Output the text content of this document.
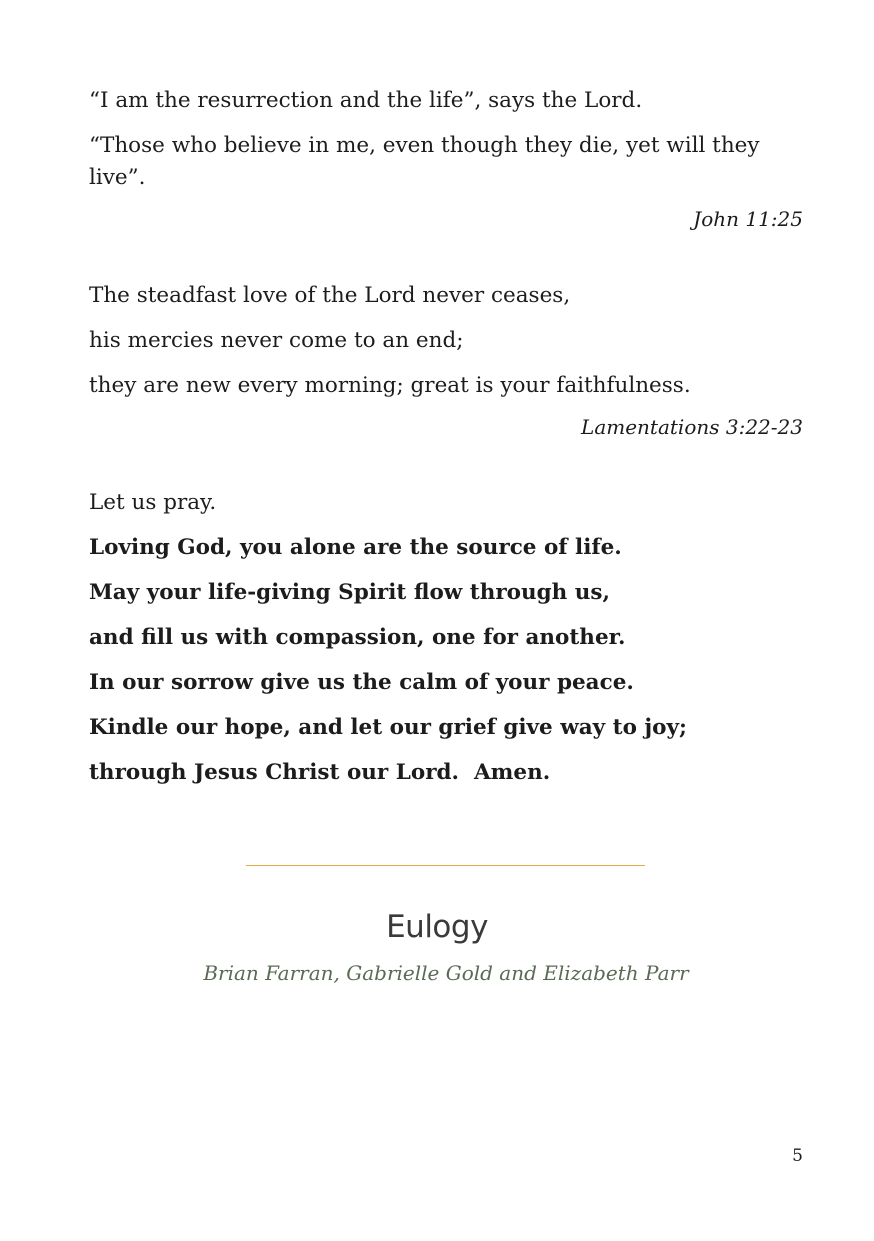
“I am the resurrection and the life”, says the Lord.
“Those who believe in me, even though they die, yet will they live”.
John 11:25
The steadfast love of the Lord never ceases,
his mercies never come to an end;
they are new every morning; great is your faithfulness.
Lamentations 3:22-23
Let us pray.
Loving God, you alone are the source of life.
May your life-giving Spirit flow through us,
and fill us with compassion, one for another.
In our sorrow give us the calm of your peace.
Kindle our hope, and let our grief give way to joy;
through Jesus Christ our Lord.  Amen.
Eulogy
Brian Farran, Gabrielle Gold and Elizabeth Parr
5
